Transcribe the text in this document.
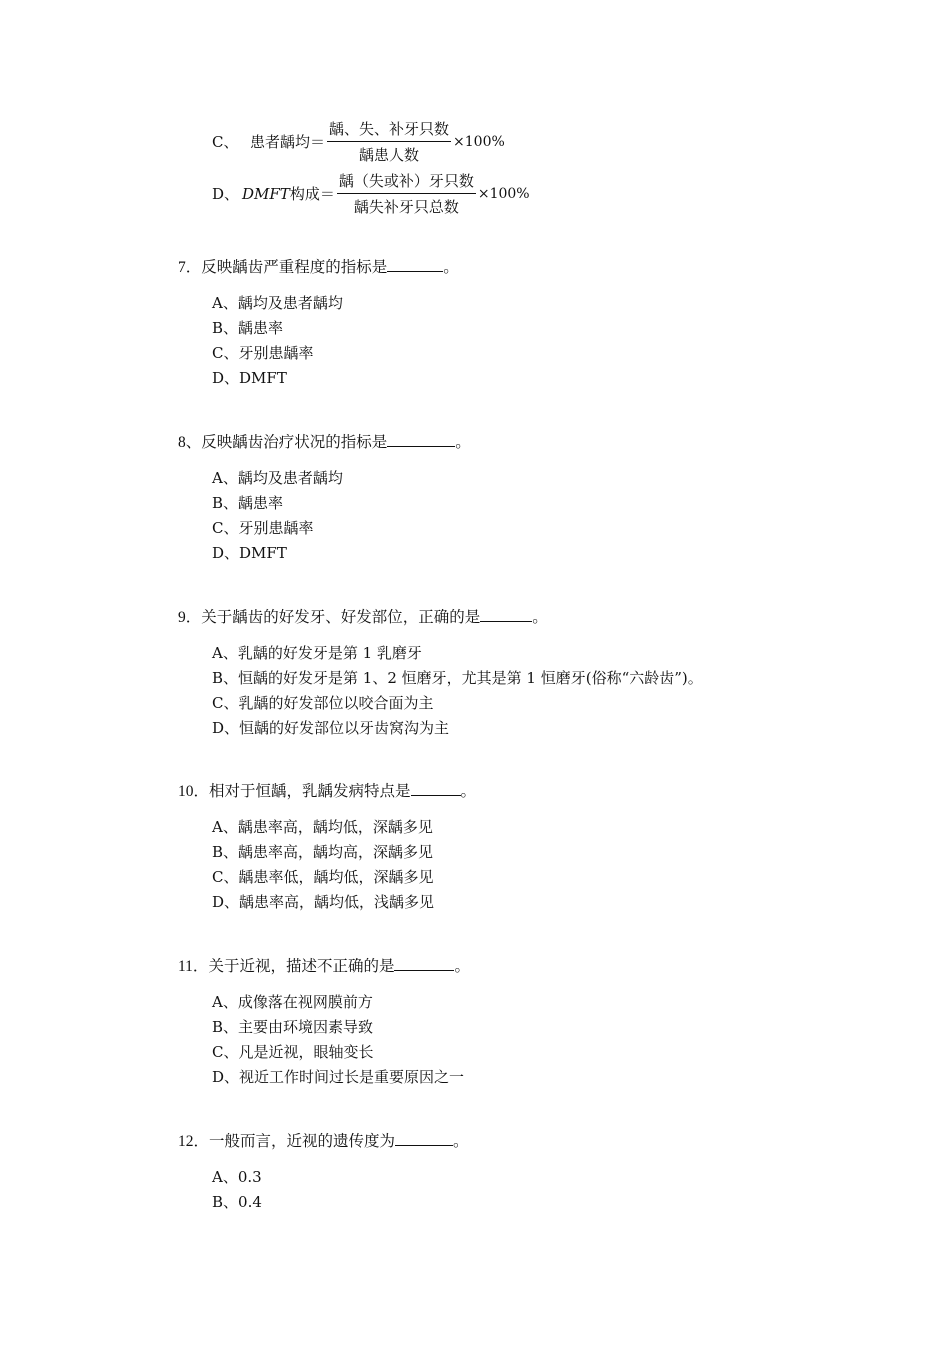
C、 患者龋均＝ $\frac{\text{龋、失、补牙只数}}{\text{龋患人数}} \times 100\%$
D、 DMFT 构成＝ $\frac{\text{龋（失或补）牙只数}}{\text{龋失补牙只总数}} \times 100\%$

7．反映龋齿严重程度的指标是	。

A、龋均及患者龋均
B、龋患率
C、牙别患龋率
D、DMFT

8、反映龋齿治疗状况的指标是	。

A、龋均及患者龋均
B、龋患率
C、牙别患龋率
D、DMFT

9．关于龋齿的好发牙、好发部位，正确的是	。

A、乳龋的好发牙是第 1 乳磨牙
B、恒龋的好发牙是第 1、2 恒磨牙，尤其是第 1 恒磨牙(俗称“六龄齿”)。
C、乳龋的好发部位以咬合面为主
D、恒龋的好发部位以牙齿窝沟为主

10．相对于恒龋，乳龋发病特点是	。

A、龋患率高，龋均低，深龋多见
B、龋患率高，龋均高，深龋多见
C、龋患率低，龋均低，深龋多见
D、龋患率高，龋均低，浅龋多见

11．关于近视，描述不正确的是	。

A、成像落在视网膜前方
B、主要由环境因素导致
C、凡是近视，眼轴变长
D、视近工作时间过长是重要原因之一

12．一般而言，近视的遗传度为	。

A、0.3
B、0.4
